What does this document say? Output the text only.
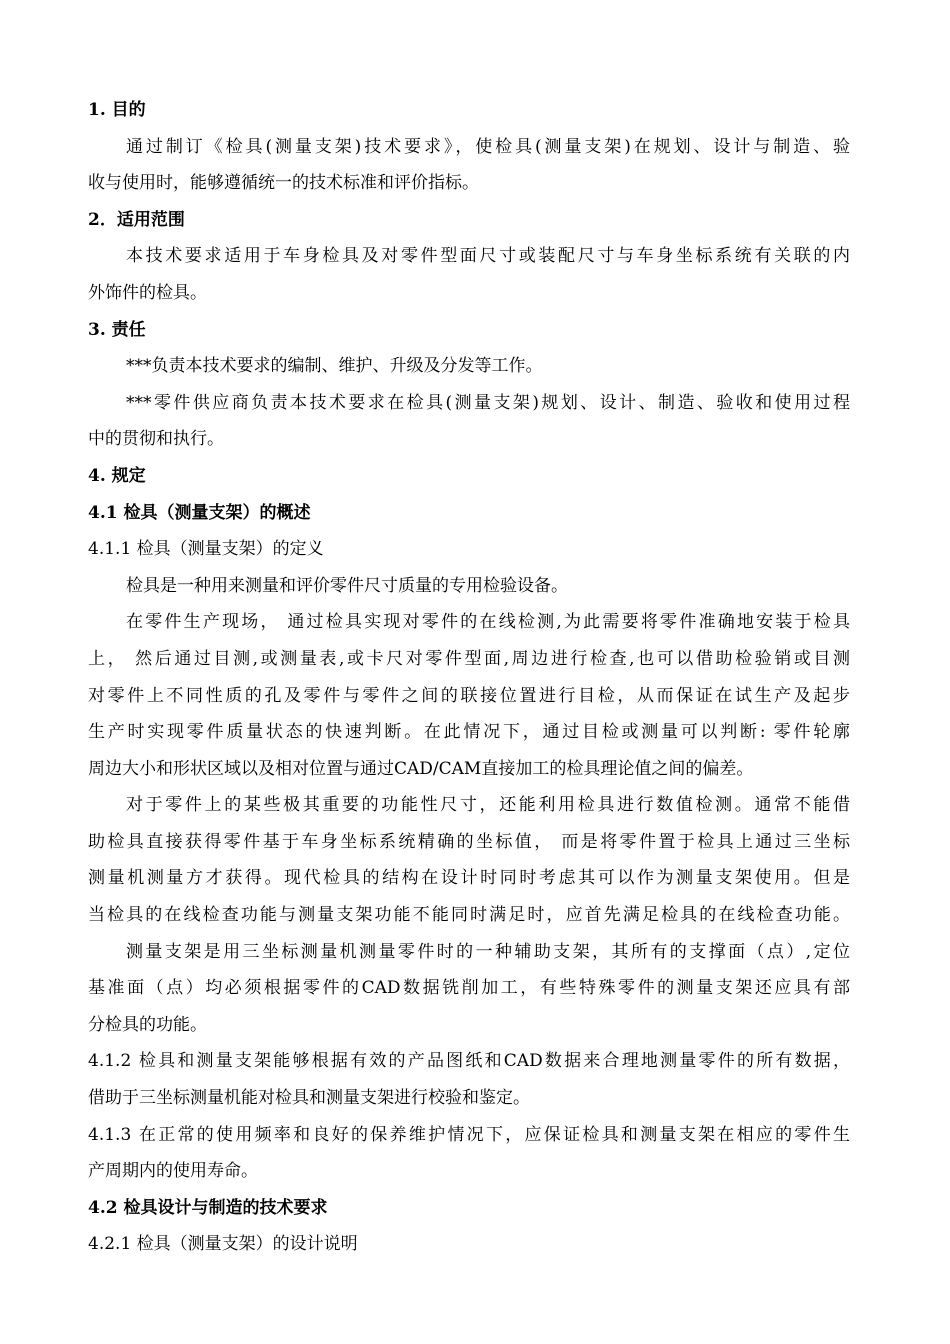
1. 目的

通过制订《检具(测量支架)技术要求》，使检具(测量支架)在规划、设计与制造、验

收与使用时，能够遵循统一的技术标准和评价指标。

2．适用范围

本技术要求适用于车身检具及对零件型面尺寸或装配尺寸与车身坐标系统有关联的内

外饰件的检具。

3. 责任

***负责本技术要求的编制、维护、升级及分发等工作。

***零件供应商负责本技术要求在检具(测量支架)规划、设计、制造、验收和使用过程

中的贯彻和执行。

4. 规定

4.1 检具（测量支架）的概述

4.1.1 检具（测量支架）的定义

检具是一种用来测量和评价零件尺寸质量的专用检验设备。

在零件生产现场， 通过检具实现对零件的在线检测,为此需要将零件准确地安装于检具

上， 然后通过目测,或测量表,或卡尺对零件型面,周边进行检查,也可以借助检验销或目测

对零件上不同性质的孔及零件与零件之间的联接位置进行目检，从而保证在试生产及起步

生产时实现零件质量状态的快速判断。在此情况下，通过目检或测量可以判断: 零件轮廓

周边大小和形状区域以及相对位置与通过CAD/CAM直接加工的检具理论值之间的偏差。

对于零件上的某些极其重要的功能性尺寸，还能利用检具进行数值检测。通常不能借

助检具直接获得零件基于车身坐标系统精确的坐标值， 而是将零件置于检具上通过三坐标

测量机测量方才获得。现代检具的结构在设计时同时考虑其可以作为测量支架使用。但是

当检具的在线检查功能与测量支架功能不能同时满足时，应首先满足检具的在线检查功能。

测量支架是用三坐标测量机测量零件时的一种辅助支架，其所有的支撑面（点）,定位

基准面（点）均必须根据零件的CAD数据铣削加工，有些特殊零件的测量支架还应具有部

分检具的功能。

4.1.2 检具和测量支架能够根据有效的产品图纸和CAD数据来合理地测量零件的所有数据，

借助于三坐标测量机能对检具和测量支架进行校验和鉴定。

4.1.3 在正常的使用频率和良好的保养维护情况下，应保证检具和测量支架在相应的零件生

产周期内的使用寿命。

4.2 检具设计与制造的技术要求

4.2.1 检具（测量支架）的设计说明
